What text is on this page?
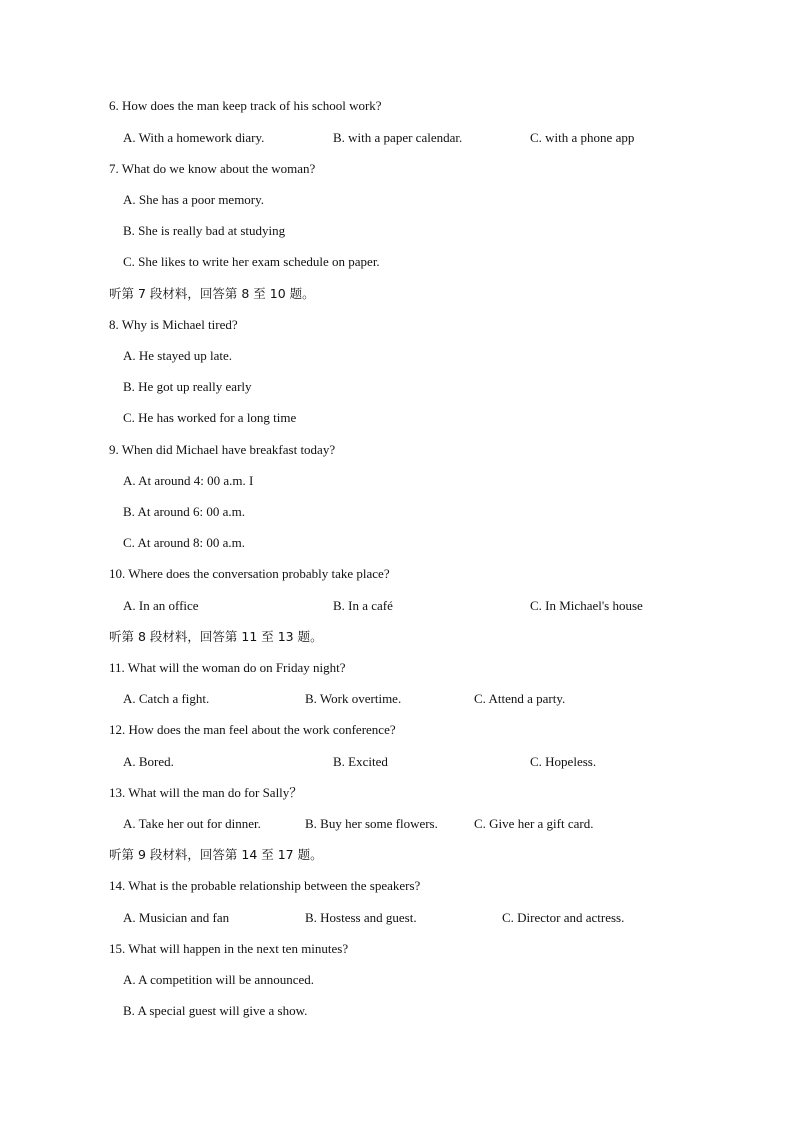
6. How does the man keep track of his school work?
A. With a homework diary.	B. with a paper calendar.	C. with a phone app
7. What do we know about the woman?
A. She has a poor memory.
B. She is really bad at studying
C. She likes to write her exam schedule on paper.
听第 7 段材料，回答第 8 至 10 题。
8. Why is Michael tired?
A. He stayed up late.
B. He got up really early
C. He has worked for a long time
9. When did Michael have breakfast today?
A. At around 4: 00 a.m. I
B. At around 6: 00 a.m.
C. At around 8: 00 a.m.
10. Where does the conversation probably take place?
A. In an office	B. In a café	C. In Michael's house
听第 8 段材料，回答第 11 至 13 题。
11. What will the woman do on Friday night?
A. Catch a fight.	B. Work overtime.	C. Attend a party.
12. How does the man feel about the work conference?
A. Bored.	B. Excited	C. Hopeless.
13. What will the man do for Sally？
A. Take her out for dinner.	B. Buy her some flowers.	C. Give her a gift card.
听第 9 段材料，回答第 14 至 17 题。
14. What is the probable relationship between the speakers?
A. Musician and fan	B. Hostess and guest.	C. Director and actress.
15. What will happen in the next ten minutes?
A. A competition will be announced.
B. A special guest will give a show.
